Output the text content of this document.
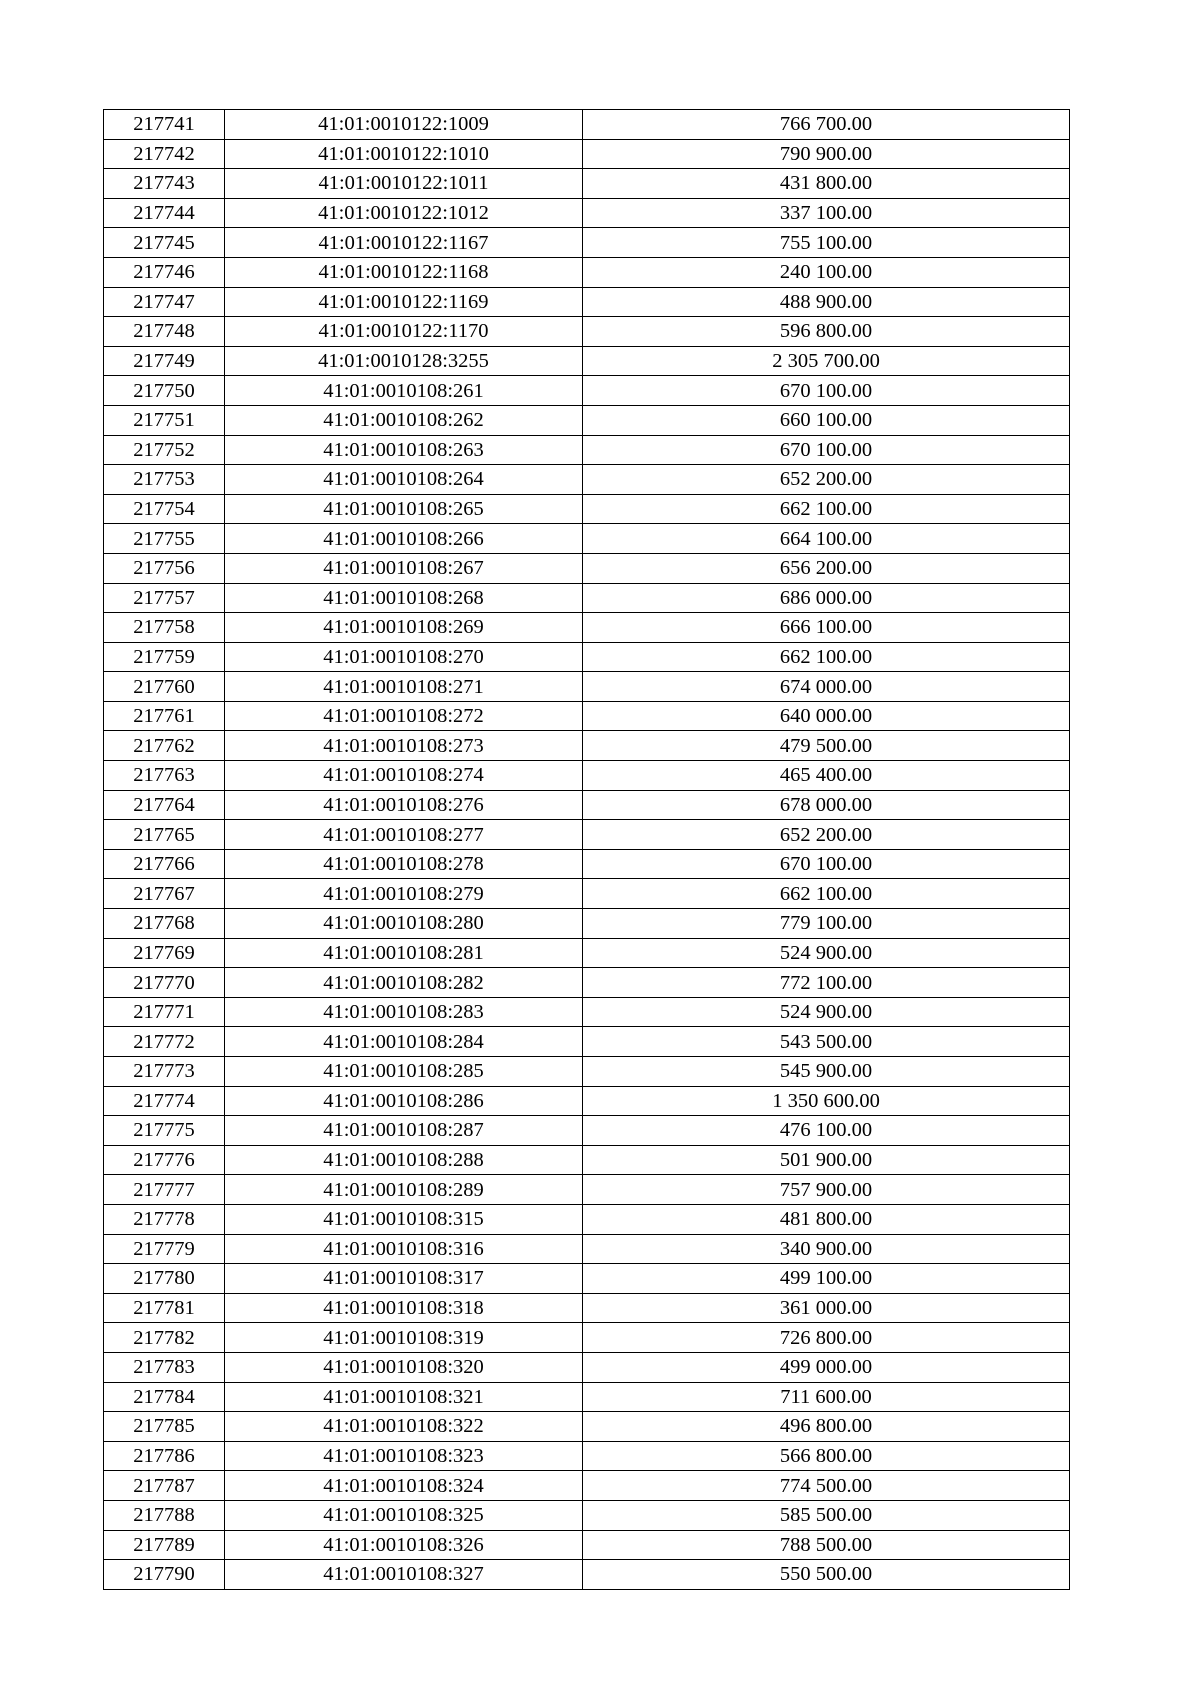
217741	41:01:0010122:1009	766 700.00
217742	41:01:0010122:1010	790 900.00
217743	41:01:0010122:1011	431 800.00
217744	41:01:0010122:1012	337 100.00
217745	41:01:0010122:1167	755 100.00
217746	41:01:0010122:1168	240 100.00
217747	41:01:0010122:1169	488 900.00
217748	41:01:0010122:1170	596 800.00
217749	41:01:0010128:3255	2 305 700.00
217750	41:01:0010108:261	670 100.00
217751	41:01:0010108:262	660 100.00
217752	41:01:0010108:263	670 100.00
217753	41:01:0010108:264	652 200.00
217754	41:01:0010108:265	662 100.00
217755	41:01:0010108:266	664 100.00
217756	41:01:0010108:267	656 200.00
217757	41:01:0010108:268	686 000.00
217758	41:01:0010108:269	666 100.00
217759	41:01:0010108:270	662 100.00
217760	41:01:0010108:271	674 000.00
217761	41:01:0010108:272	640 000.00
217762	41:01:0010108:273	479 500.00
217763	41:01:0010108:274	465 400.00
217764	41:01:0010108:276	678 000.00
217765	41:01:0010108:277	652 200.00
217766	41:01:0010108:278	670 100.00
217767	41:01:0010108:279	662 100.00
217768	41:01:0010108:280	779 100.00
217769	41:01:0010108:281	524 900.00
217770	41:01:0010108:282	772 100.00
217771	41:01:0010108:283	524 900.00
217772	41:01:0010108:284	543 500.00
217773	41:01:0010108:285	545 900.00
217774	41:01:0010108:286	1 350 600.00
217775	41:01:0010108:287	476 100.00
217776	41:01:0010108:288	501 900.00
217777	41:01:0010108:289	757 900.00
217778	41:01:0010108:315	481 800.00
217779	41:01:0010108:316	340 900.00
217780	41:01:0010108:317	499 100.00
217781	41:01:0010108:318	361 000.00
217782	41:01:0010108:319	726 800.00
217783	41:01:0010108:320	499 000.00
217784	41:01:0010108:321	711 600.00
217785	41:01:0010108:322	496 800.00
217786	41:01:0010108:323	566 800.00
217787	41:01:0010108:324	774 500.00
217788	41:01:0010108:325	585 500.00
217789	41:01:0010108:326	788 500.00
217790	41:01:0010108:327	550 500.00
